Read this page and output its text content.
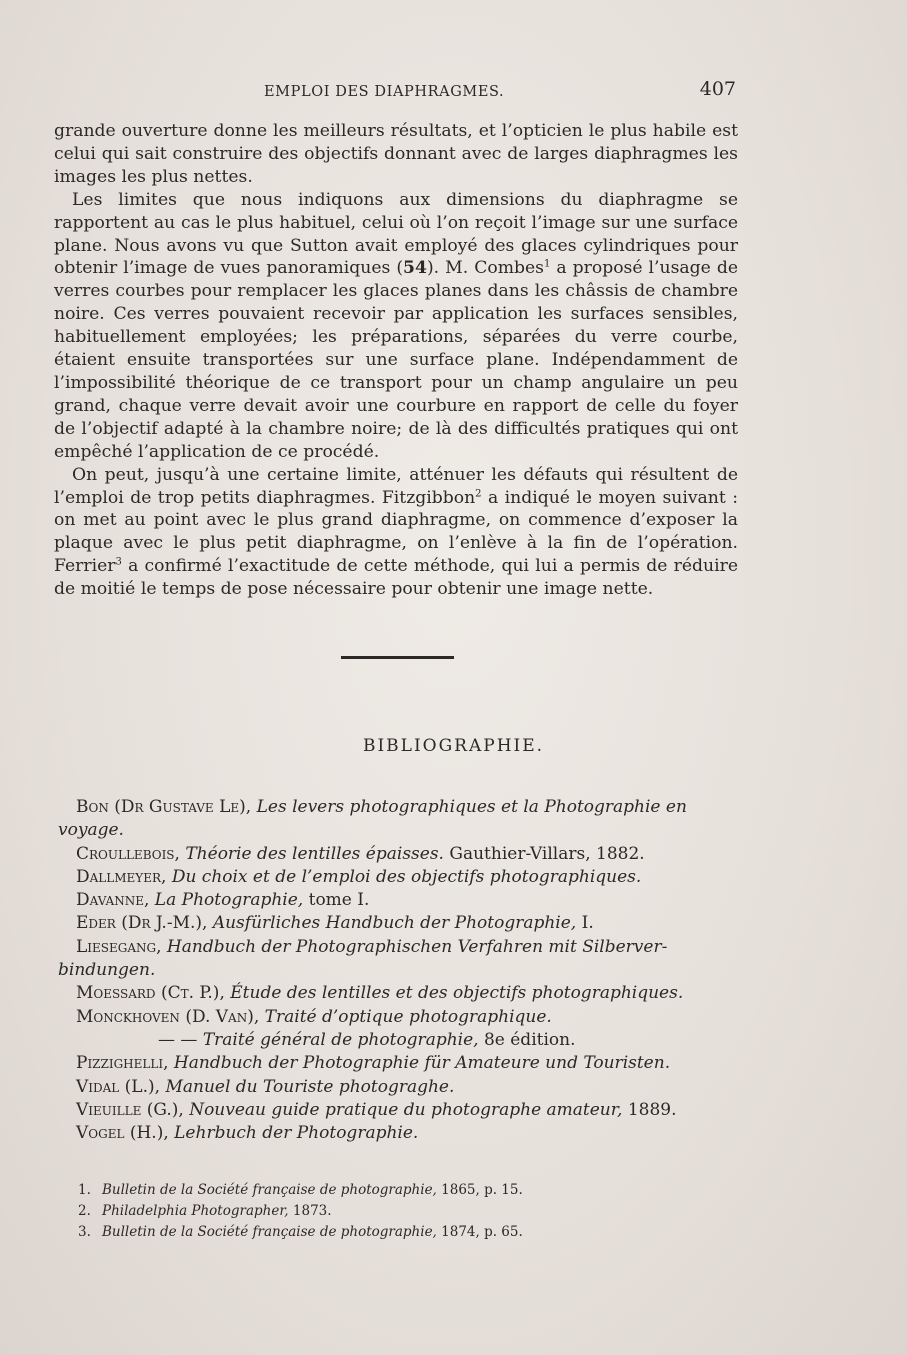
EMPLOI DES DIAPHRAGMES.	407

grande ouverture donne les meilleurs résultats, et l’opticien le plus habile est celui qui sait construire des objectifs donnant avec de larges diaphragmes les images les plus nettes.

Les limites que nous indiquons aux dimensions du diaphragme se rapportent au cas le plus habituel, celui où l’on reçoit l’image sur une surface plane. Nous avons vu que Sutton avait employé des glaces cylindriques pour obtenir l’image de vues panoramiques (54). M. Combes$^1$ a proposé l’usage de verres courbes pour remplacer les glaces planes dans les châssis de chambre noire. Ces verres pouvaient recevoir par application les surfaces sensibles, habituellement employées; les préparations, séparées du verre courbe, étaient ensuite transportées sur une surface plane. Indépendamment de l’impossibilité théorique de ce transport pour un champ angulaire un peu grand, chaque verre devait avoir une courbure en rapport de celle du foyer de l’objectif adapté à la chambre noire; de là des difficultés pratiques qui ont empêché l’application de ce procédé.

On peut, jusqu’à une certaine limite, atténuer les défauts qui résultent de l’emploi de trop petits diaphragmes. Fitzgibbon$^2$ a indiqué le moyen suivant : on met au point avec le plus grand diaphragme, on commence d’exposer la plaque avec le plus petit diaphragme, on l’enlève à la fin de l’opération. Ferrier$^3$ a confirmé l’exactitude de cette méthode, qui lui a permis de réduire de moitié le temps de pose nécessaire pour obtenir une image nette.

BIBLIOGRAPHIE.

Bon (Dr Gustave Le), Les levers photographiques et la Photographie en

voyage.

Croullebois, Théorie des lentilles épaisses. Gauthier-Villars, 1882.

Dallmeyer, Du choix et de l’emploi des objectifs photographiques.

Davanne, La Photographie, tome I.

Eder (Dr J.-M.), Ausfürliches Handbuch der Photographie, I.

Liesegang, Handbuch der Photographischen Verfahren mit Silberver-

bindungen.

Moessard (Ct. P.), Étude des lentilles et des objectifs photographiques.

Monckhoven (D. Van), Traité d’optique photographique.

— — Traité général de photographie, 8e édition.

Pizzighelli, Handbuch der Photographie für Amateure und Touristen.

Vidal (L.), Manuel du Touriste photograghe.

Vieuille (G.), Nouveau guide pratique du photographe amateur, 1889.

Vogel (H.), Lehrbuch der Photographie.

1. Bulletin de la Société française de photographie, 1865, p. 15.

2. Philadelphia Photographer, 1873.

3. Bulletin de la Société française de photographie, 1874, p. 65.
